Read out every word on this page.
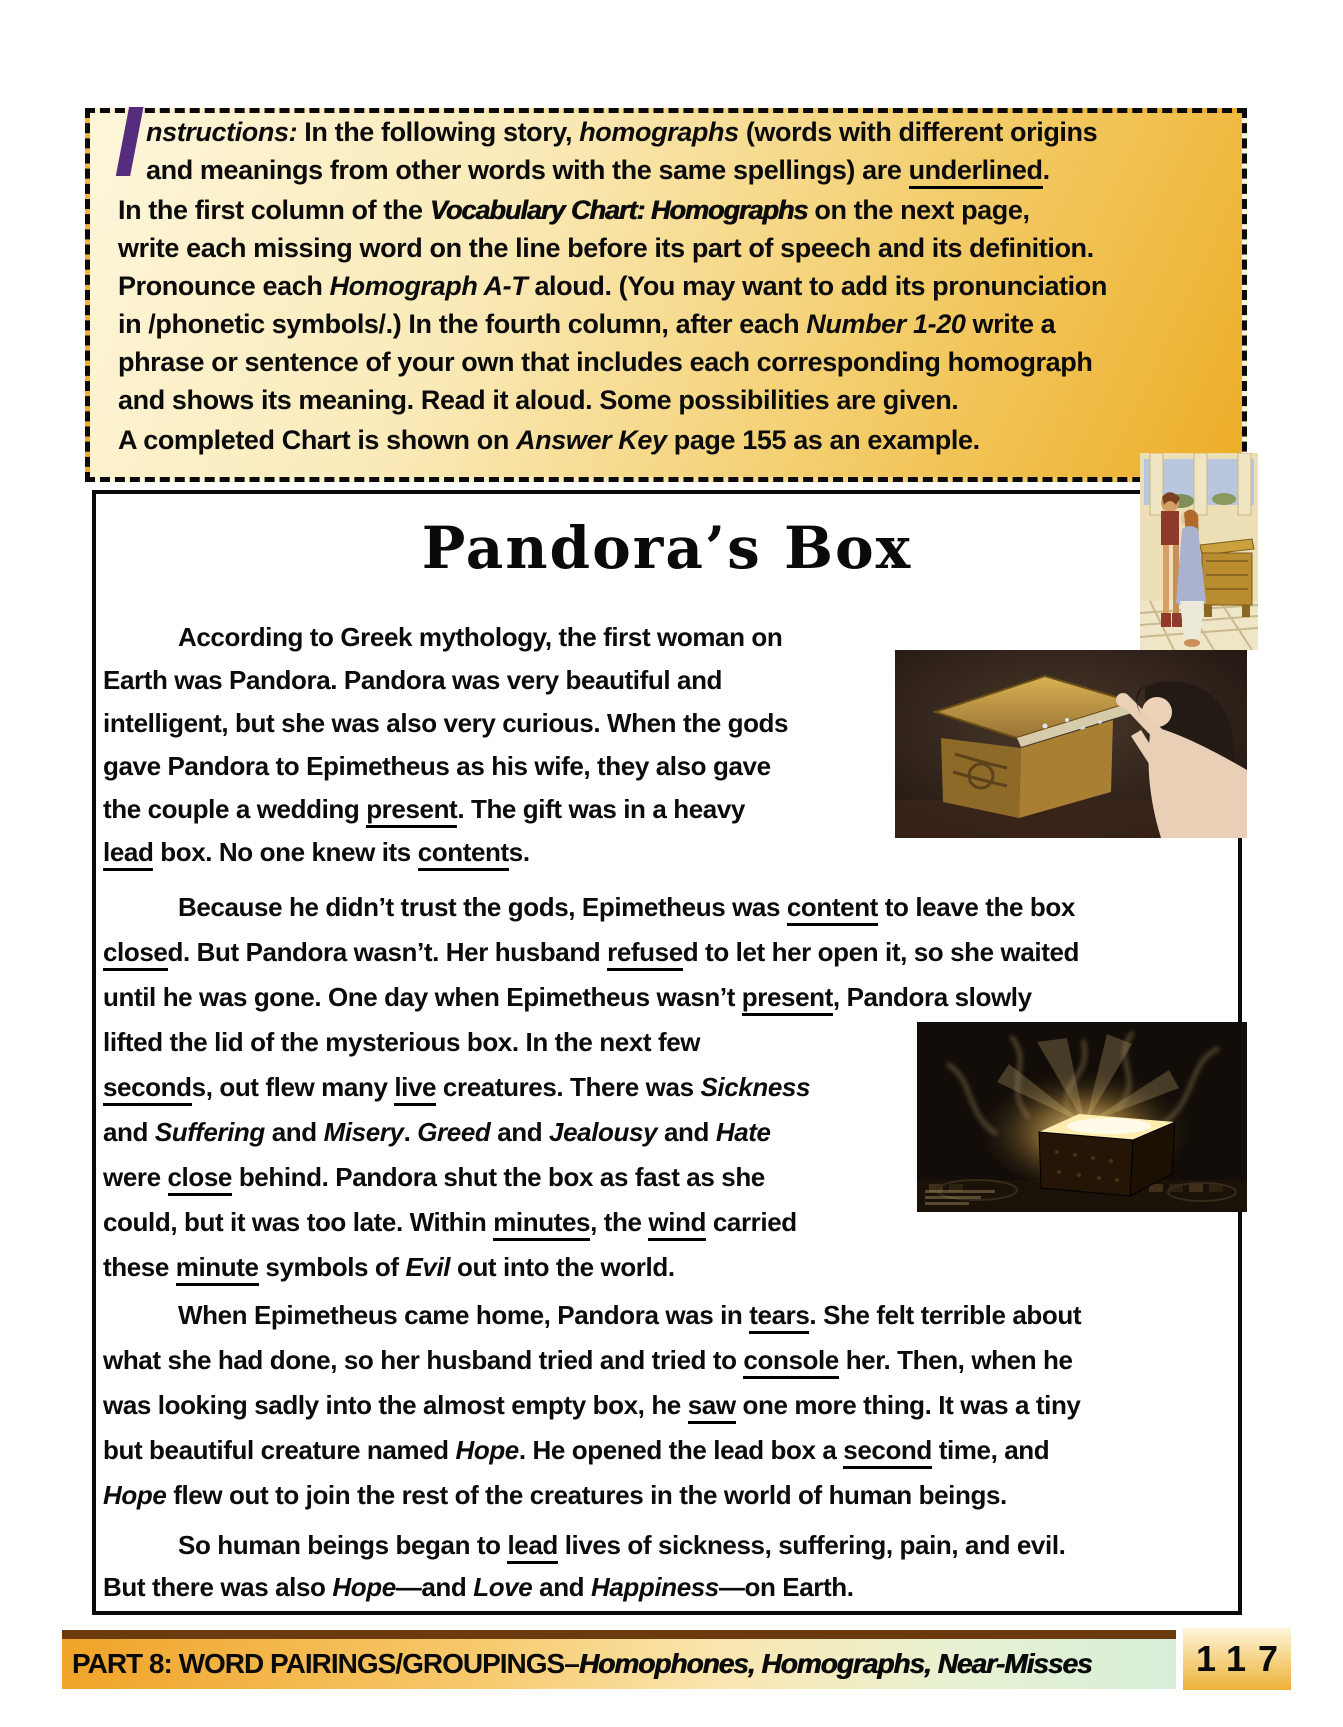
I
Pandora’s Box
nstructions: In the following story, homographs (words with different origins
and meanings from other words with the same spellings) are underlined.
In the first column of the Vocabulary Chart: Homographs on the next page,
write each missing word on the line before its part of speech and its definition.
Pronounce each Homograph A-T aloud. (You may want to add its pronunciation
in /phonetic symbols/.) In the fourth column, after each Number 1-20 write a
phrase or sentence of your own that includes each corresponding homograph
and shows its meaning. Read it aloud. Some possibilities are given.
A completed Chart is shown on Answer Key page 155 as an example.
According to Greek mythology, the first woman on
Earth was Pandora. Pandora was very beautiful and
intelligent, but she was also very curious. When the gods
gave Pandora to Epimetheus as his wife, they also gave
the couple a wedding present. The gift was in a heavy
lead box. No one knew its contents.
Because he didn’t trust the gods, Epimetheus was content to leave the box
closed. But Pandora wasn’t. Her husband refused to let her open it, so she waited
until he was gone. One day when Epimetheus wasn’t present, Pandora slowly
lifted the lid of the mysterious box. In the next few
seconds, out flew many live creatures. There was Sickness
and Suffering and Misery. Greed and Jealousy and Hate
were close behind. Pandora shut the box as fast as she
could, but it was too late. Within minutes, the wind carried
these minute symbols of Evil out into the world.
When Epimetheus came home, Pandora was in tears. She felt terrible about
what she had done, so her husband tried and tried to console her. Then, when he
was looking sadly into the almost empty box, he saw one more thing. It was a tiny
but beautiful creature named Hope. He opened the lead box a second time, and
Hope flew out to join the rest of the creatures in the world of human beings.
So human beings began to lead lives of sickness, suffering, pain, and evil.
But there was also Hope—and Love and Happiness—on Earth.
PART 8: WORD PAIRINGS/GROUPINGS–Homophones, Homographs, Near-Misses	117
